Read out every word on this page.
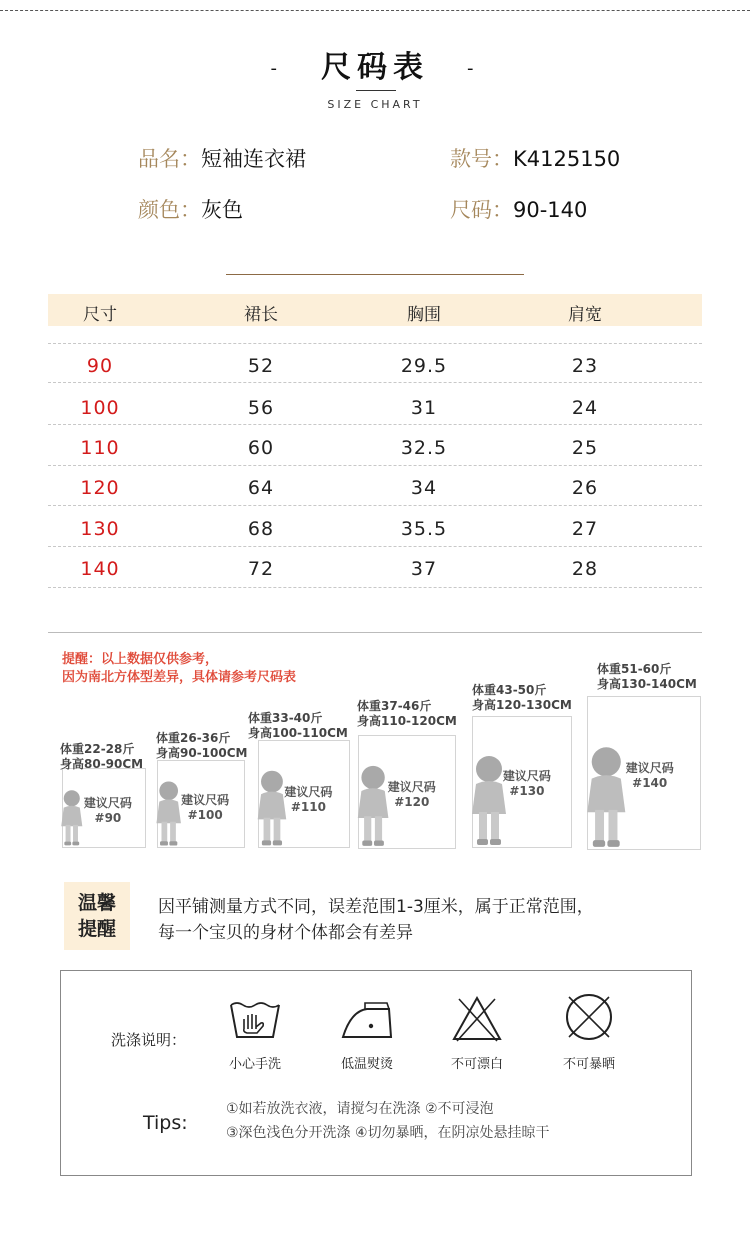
- 尺码表 -
SIZE CHART
品名：短袖连衣裙	款号：K4125150
颜色：灰色	尺码：90-140
尺寸	裙长	胸围	肩宽
90	52	29.5	23
100	56	31	24
110	60	32.5	25
120	64	34	26
130	68	35.5	27
140	72	37	28
提醒：以上数据仅供参考，
因为南北方体型差异，具体请参考尺码表
体重22-28斤
身高80-90CM
建议尺码
#90
体重26-36斤
身高90-100CM
建议尺码
#100
体重33-40斤
身高100-110CM
建议尺码
#110
体重37-46斤
身高110-120CM
建议尺码
#120
体重43-50斤
身高120-130CM
建议尺码
#130
体重51-60斤
身高130-140CM
建议尺码
#140
温馨
提醒
因平铺测量方式不同，误差范围1-3厘米，属于正常范围，
每一个宝贝的身材个体都会有差异
洗涤说明：
小心手洗	低温熨烫	不可漂白	不可暴晒
Tips:
①如若放洗衣液，请搅匀在洗涤 ②不可浸泡
③深色浅色分开洗涤 ④切勿暴晒，在阴凉处悬挂晾干
